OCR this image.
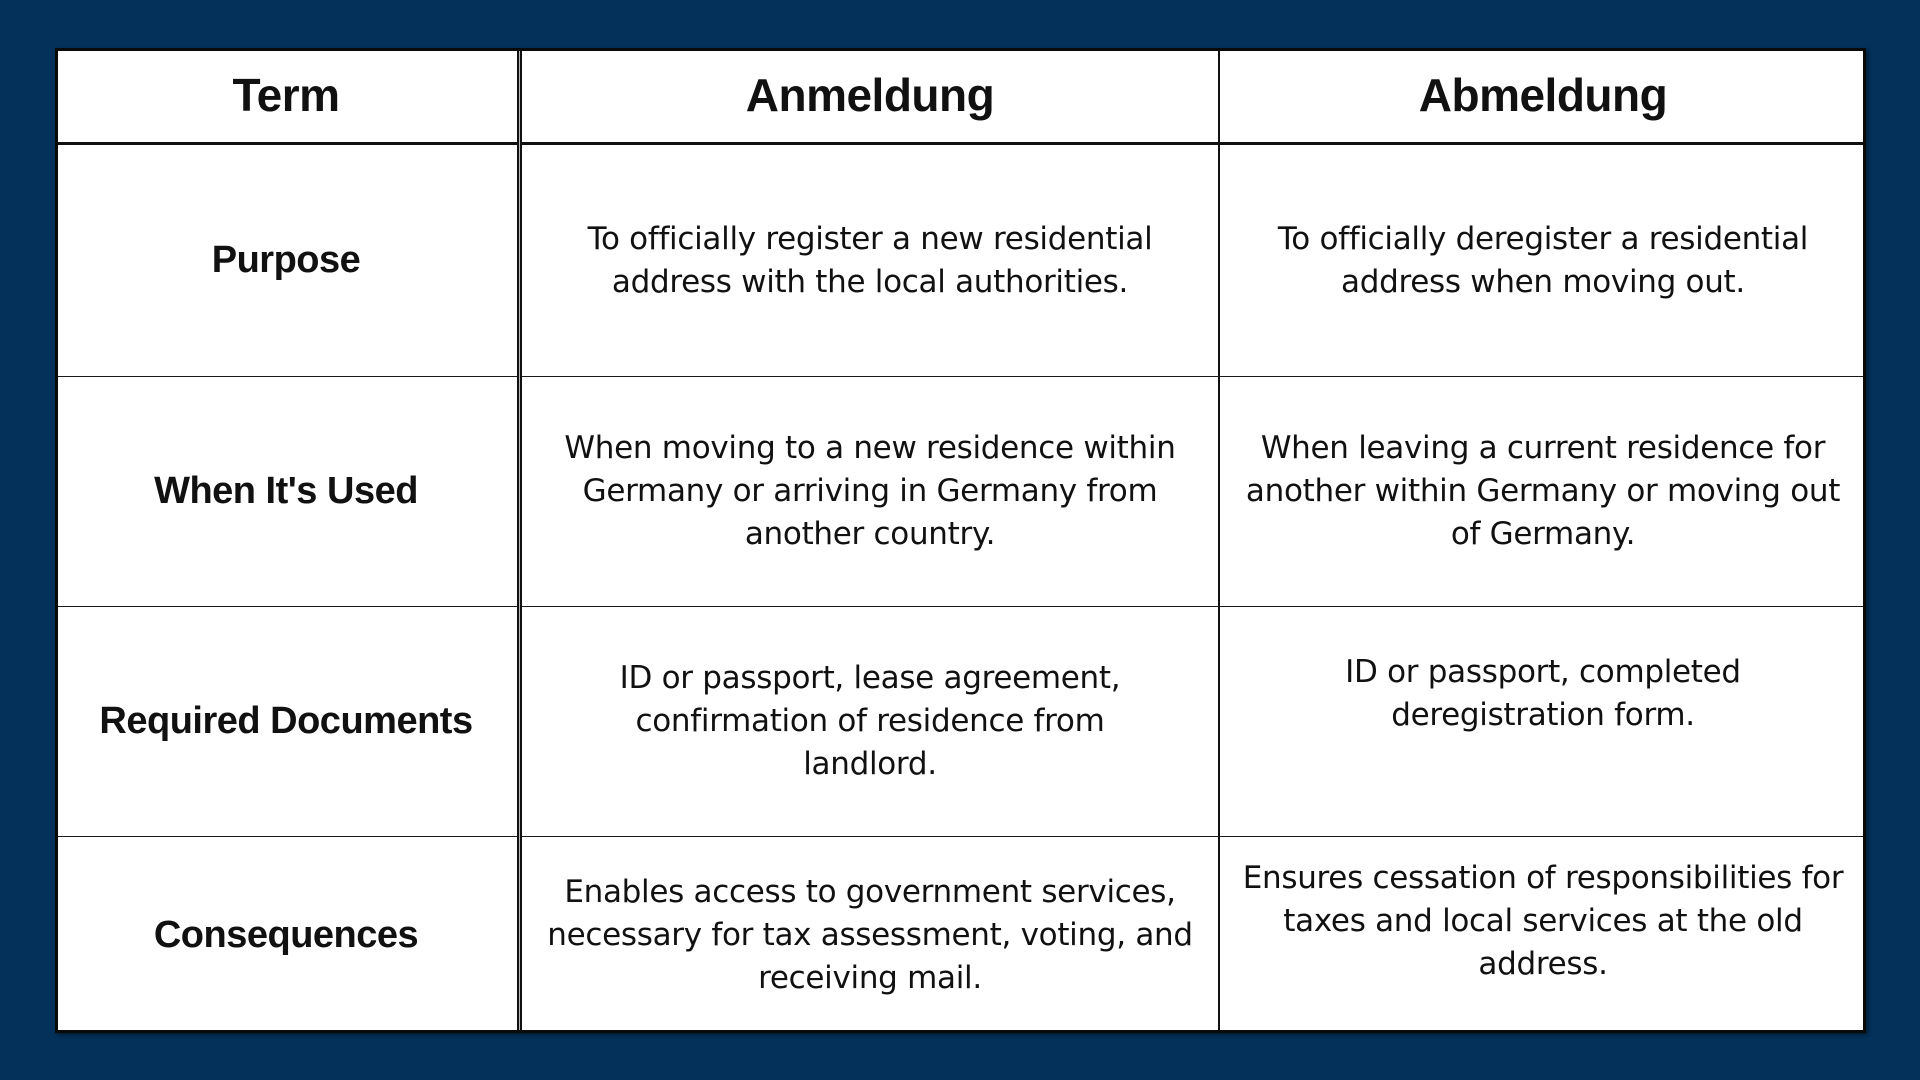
Term	Anmeldung	Abmeldung
Purpose
To officially register a new residential address with the local authorities.
To officially deregister a residential address when moving out.
When It's Used
When moving to a new residence within Germany or arriving in Germany from another country.
When leaving a current residence for another within Germany or moving out of Germany.
Required Documents
ID or passport, lease agreement, confirmation of residence from landlord.
ID or passport, completed deregistration form.
Consequences
Enables access to government services, necessary for tax assessment, voting, and receiving mail.
Ensures cessation of responsibilities for taxes and local services at the old address.
